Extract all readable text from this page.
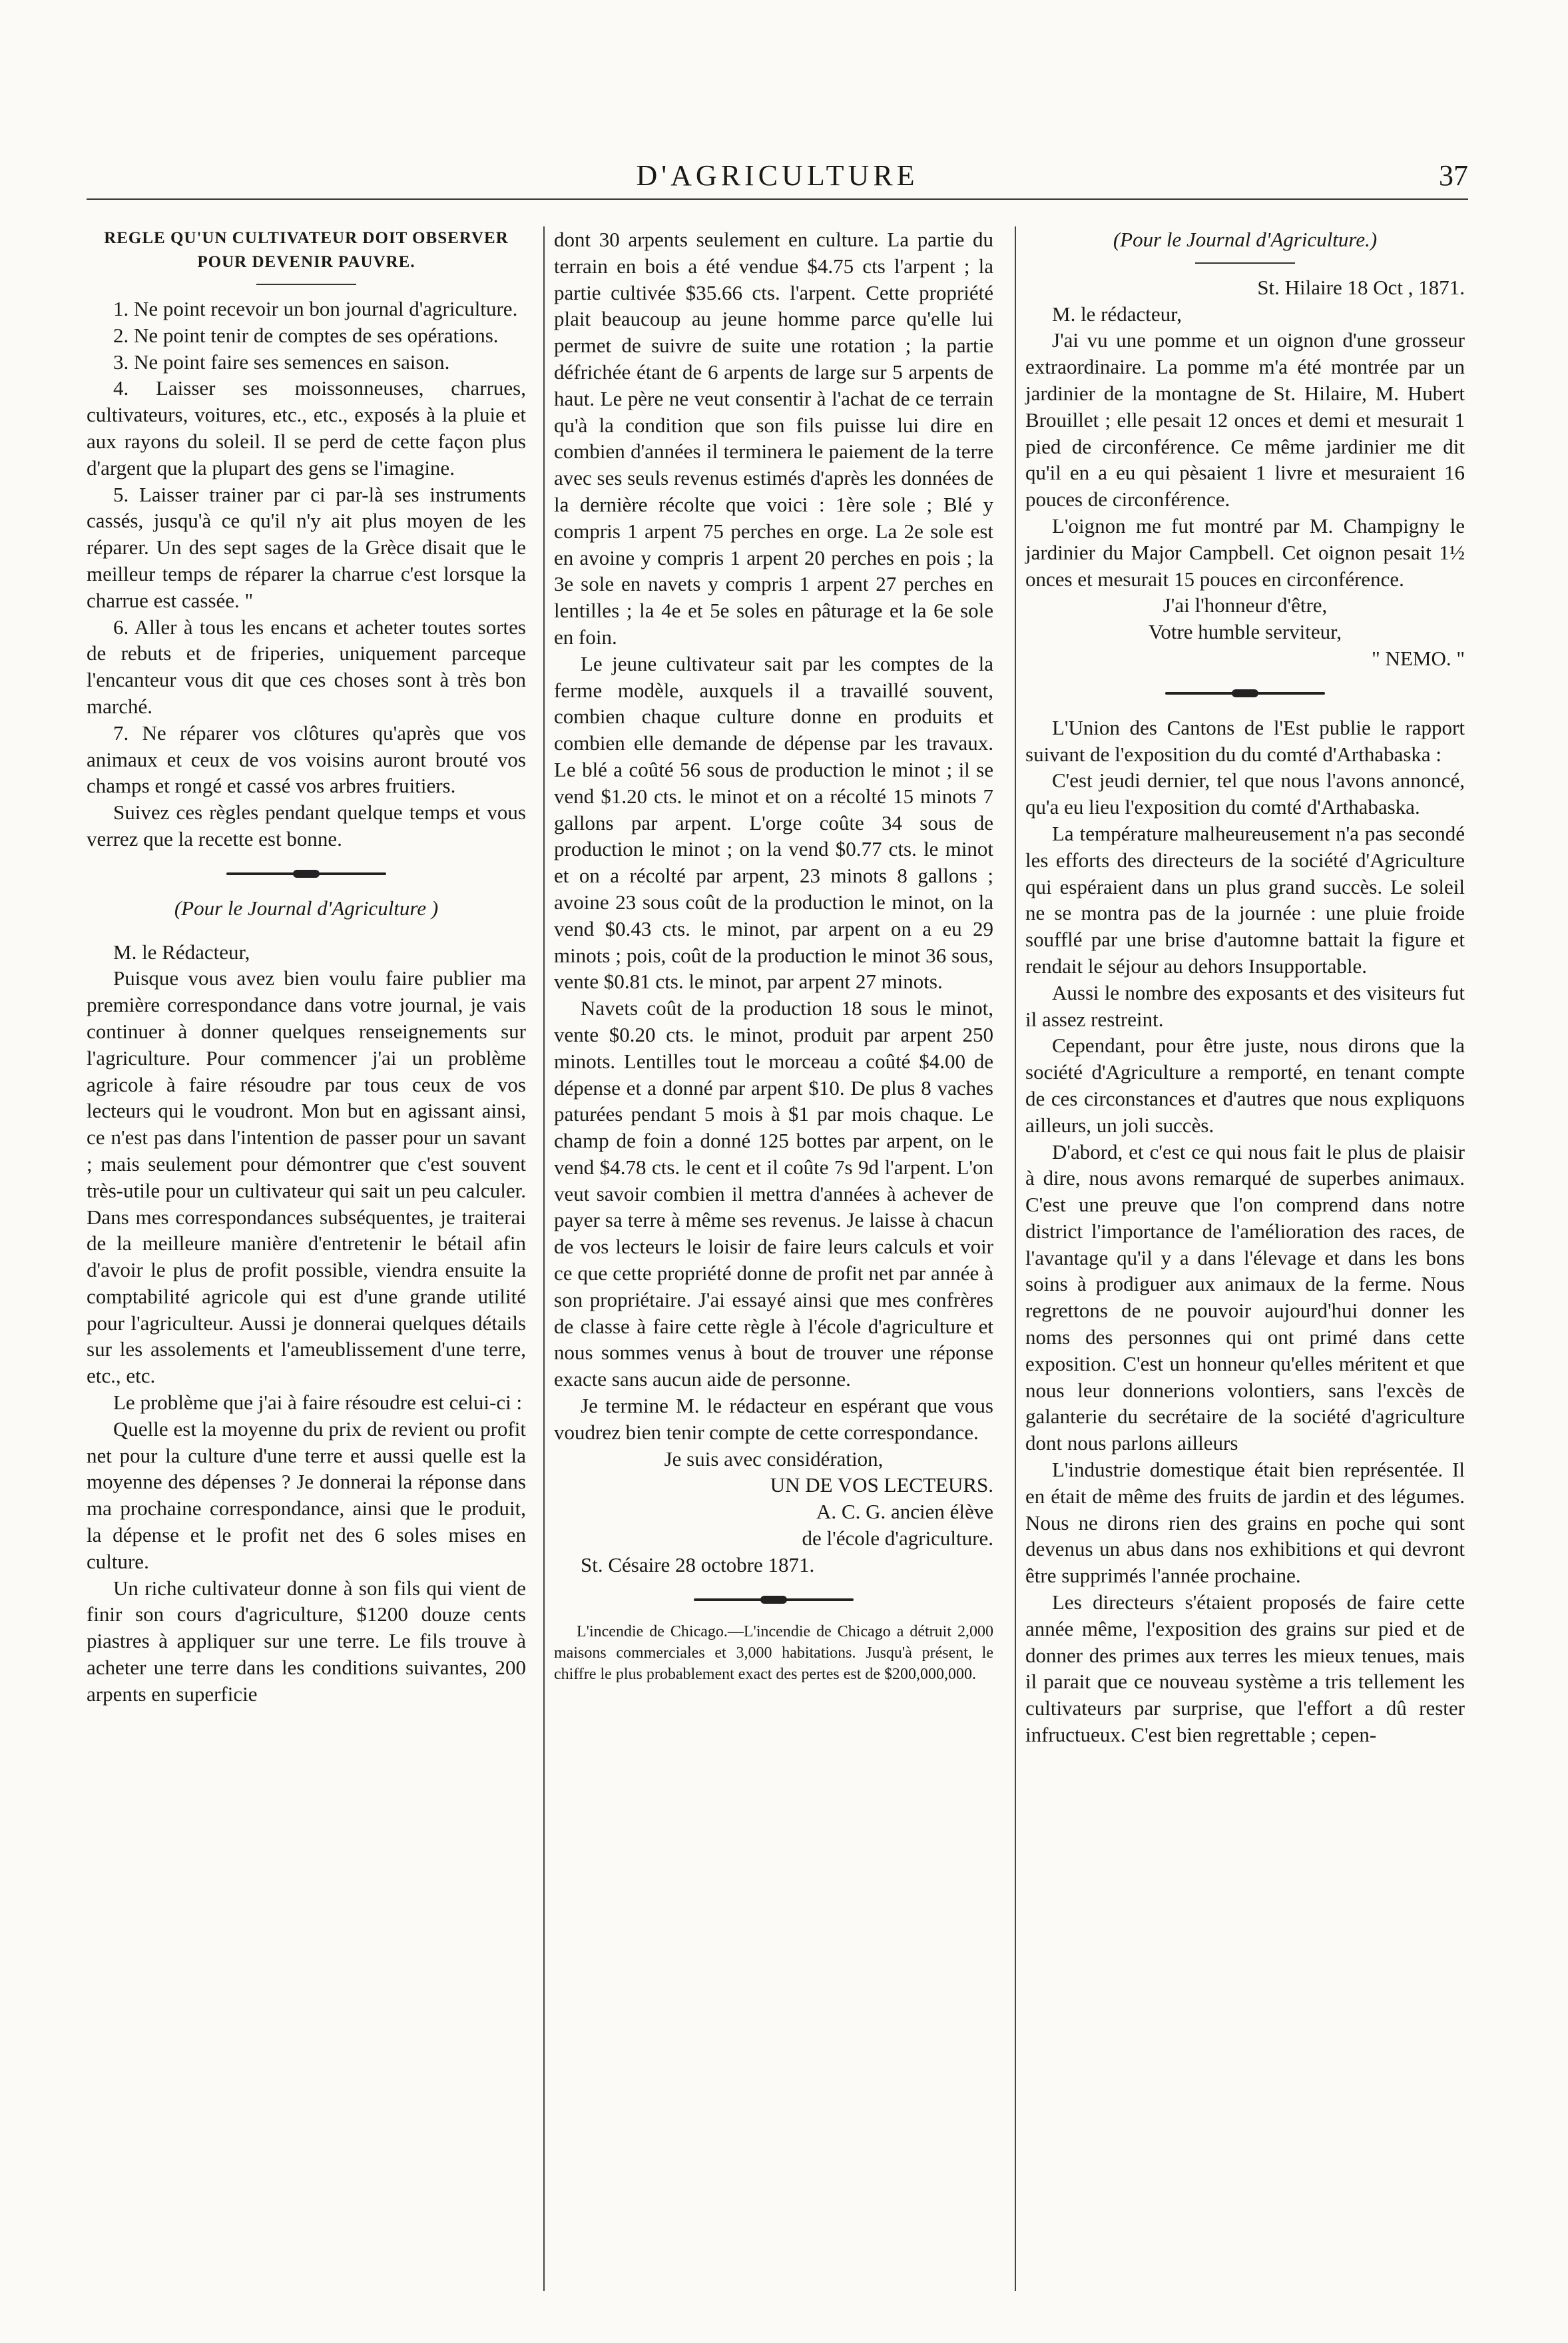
D'AGRICULTURE	37

REGLE QU'UN CULTIVATEUR DOIT OBSERVER POUR DEVENIR PAUVRE.

1. Ne point recevoir un bon journal d'agriculture.

2. Ne point tenir de comptes de ses opérations.

3. Ne point faire ses semences en saison.

4. Laisser ses moissonneuses, charrues, cultivateurs, voitures, etc., etc., exposés à la pluie et aux rayons du soleil. Il se perd de cette façon plus d'argent que la plupart des gens se l'imagine.

5. Laisser trainer par ci par-là ses instruments cassés, jusqu'à ce qu'il n'y ait plus moyen de les réparer. Un des sept sages de la Grèce disait que le meilleur temps de réparer la charrue c'est lorsque la charrue est cassée. "

6. Aller à tous les encans et acheter toutes sortes de rebuts et de friperies, uniquement parceque l'encanteur vous dit que ces choses sont à très bon marché.

7. Ne réparer vos clôtures qu'après que vos animaux et ceux de vos voisins auront brouté vos champs et rongé et cassé vos arbres fruitiers.

Suivez ces règles pendant quelque temps et vous verrez que la recette est bonne.

(Pour le Journal d'Agriculture )

M. le Rédacteur,

Puisque vous avez bien voulu faire publier ma première correspondance dans votre journal, je vais continuer à donner quelques renseignements sur l'agriculture. Pour commencer j'ai un problème agricole à faire résoudre par tous ceux de vos lecteurs qui le voudront. Mon but en agissant ainsi, ce n'est pas dans l'intention de passer pour un savant ; mais seulement pour démontrer que c'est souvent très-utile pour un cultivateur qui sait un peu calculer. Dans mes correspondances subséquentes, je traiterai de la meilleure manière d'entretenir le bétail afin d'avoir le plus de profit possible, viendra ensuite la comptabilité agricole qui est d'une grande utilité pour l'agriculteur. Aussi je donnerai quelques détails sur les assolements et l'ameublissement d'une terre, etc., etc.

Le problème que j'ai à faire résoudre est celui-ci :

Quelle est la moyenne du prix de revient ou profit net pour la culture d'une terre et aussi quelle est la moyenne des dépenses ? Je donnerai la réponse dans ma prochaine correspondance, ainsi que le produit, la dépense et le profit net des 6 soles mises en culture.

Un riche cultivateur donne à son fils qui vient de finir son cours d'agriculture, $1200 douze cents piastres à appliquer sur une terre. Le fils trouve à acheter une terre dans les conditions suivantes, 200 arpents en superficie

dont 30 arpents seulement en culture. La partie du terrain en bois a été vendue $4.75 cts l'arpent ; la partie cultivée $35.66 cts. l'arpent. Cette propriété plait beaucoup au jeune homme parce qu'elle lui permet de suivre de suite une rotation ; la partie défrichée étant de 6 arpents de large sur 5 arpents de haut. Le père ne veut consentir à l'achat de ce terrain qu'à la condition que son fils puisse lui dire en combien d'années il terminera le paiement de la terre avec ses seuls revenus estimés d'après les données de la dernière récolte que voici : 1ère sole ; Blé y compris 1 arpent 75 perches en orge. La 2e sole est en avoine y compris 1 arpent 20 perches en pois ; la 3e sole en navets y compris 1 arpent 27 perches en lentilles ; la 4e et 5e soles en pâturage et la 6e sole en foin.

Le jeune cultivateur sait par les comptes de la ferme modèle, auxquels il a travaillé souvent, combien chaque culture donne en produits et combien elle demande de dépense par les travaux. Le blé a coûté 56 sous de production le minot ; il se vend $1.20 cts. le minot et on a récolté 15 minots 7 gallons par arpent. L'orge coûte 34 sous de production le minot ; on la vend $0.77 cts. le minot et on a récolté par arpent, 23 minots 8 gallons ; avoine 23 sous coût de la production le minot, on la vend $0.43 cts. le minot, par arpent on a eu 29 minots ; pois, coût de la production le minot 36 sous, vente $0.81 cts. le minot, par arpent 27 minots.

Navets coût de la production 18 sous le minot, vente $0.20 cts. le minot, produit par arpent 250 minots. Lentilles tout le morceau a coûté $4.00 de dépense et a donné par arpent $10. De plus 8 vaches paturées pendant 5 mois à $1 par mois chaque. Le champ de foin a donné 125 bottes par arpent, on le vend $4.78 cts. le cent et il coûte 7s 9d l'arpent. L'on veut savoir combien il mettra d'années à achever de payer sa terre à même ses revenus. Je laisse à chacun de vos lecteurs le loisir de faire leurs calculs et voir ce que cette propriété donne de profit net par année à son propriétaire. J'ai essayé ainsi que mes confrères de classe à faire cette règle à l'école d'agriculture et nous sommes venus à bout de trouver une réponse exacte sans aucun aide de personne.

Je termine M. le rédacteur en espérant que vous voudrez bien tenir compte de cette correspondance.

Je suis avec considération,

UN DE VOS LECTEURS.

A. C. G. ancien élève

de l'école d'agriculture.

St. Césaire 28 octobre 1871.

L'incendie de Chicago.—L'incendie de Chicago a détruit 2,000 maisons commerciales et 3,000 habitations. Jusqu'à présent, le chiffre le plus probablement exact des pertes est de $200,000,000.

(Pour le Journal d'Agriculture.)

St. Hilaire 18 Oct , 1871.

M. le rédacteur,

J'ai vu une pomme et un oignon d'une grosseur extraordinaire. La pomme m'a été montrée par un jardinier de la montagne de St. Hilaire, M. Hubert Brouillet ; elle pesait 12 onces et demi et mesurait 1 pied de circonférence. Ce même jardinier me dit qu'il en a eu qui pèsaient 1 livre et mesuraient 16 pouces de circonférence.

L'oignon me fut montré par M. Champigny le jardinier du Major Campbell. Cet oignon pesait 1½ onces et mesurait 15 pouces en circonférence.

J'ai l'honneur d'être,

Votre humble serviteur,

" NEMO. "

L'Union des Cantons de l'Est publie le rapport suivant de l'exposition du du comté d'Arthabaska :

C'est jeudi dernier, tel que nous l'avons annoncé, qu'a eu lieu l'exposition du comté d'Arthabaska.

La température malheureusement n'a pas secondé les efforts des directeurs de la société d'Agriculture qui espéraient dans un plus grand succès. Le soleil ne se montra pas de la journée : une pluie froide soufflé par une brise d'automne battait la figure et rendait le séjour au dehors Insupportable.

Aussi le nombre des exposants et des visiteurs fut il assez restreint.

Cependant, pour être juste, nous dirons que la société d'Agriculture a remporté, en tenant compte de ces circonstances et d'autres que nous expliquons ailleurs, un joli succès.

D'abord, et c'est ce qui nous fait le plus de plaisir à dire, nous avons remarqué de superbes animaux. C'est une preuve que l'on comprend dans notre district l'importance de l'amélioration des races, de l'avantage qu'il y a dans l'élevage et dans les bons soins à prodiguer aux animaux de la ferme. Nous regrettons de ne pouvoir aujourd'hui donner les noms des personnes qui ont primé dans cette exposition. C'est un honneur qu'elles méritent et que nous leur donnerions volontiers, sans l'excès de galanterie du secrétaire de la société d'agriculture dont nous parlons ailleurs

L'industrie domestique était bien représentée. Il en était de même des fruits de jardin et des légumes. Nous ne dirons rien des grains en poche qui sont devenus un abus dans nos exhibitions et qui devront être supprimés l'année prochaine.

Les directeurs s'étaient proposés de faire cette année même, l'exposition des grains sur pied et de donner des primes aux terres les mieux tenues, mais il parait que ce nouveau système a tris tellement les cultivateurs par surprise, que l'effort a dû rester infructueux. C'est bien regrettable ; cepen-
